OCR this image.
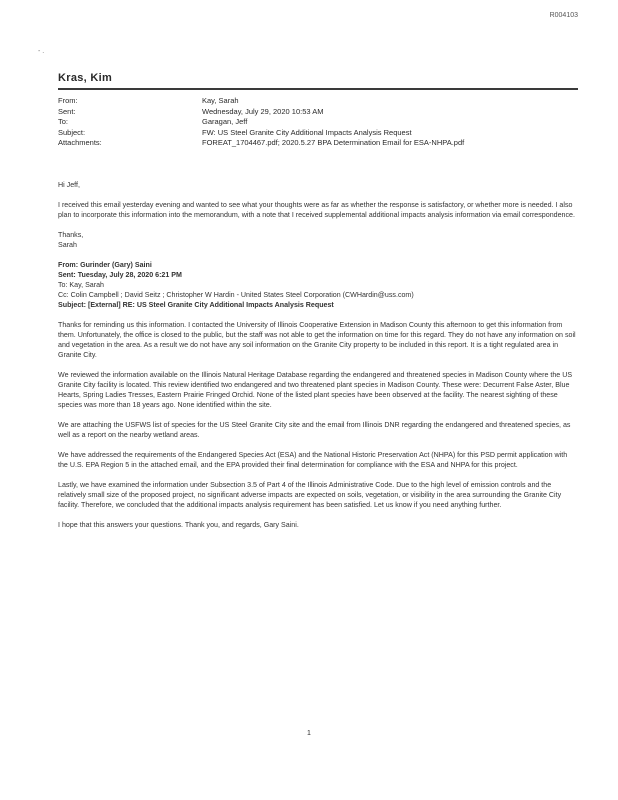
R004103
- .
Kras, Kim
From:	Kay, Sarah
Sent:	Wednesday, July 29, 2020 10:53 AM
To:	Garagan, Jeff
Subject:	FW: US Steel Granite City Additional Impacts Analysis Request
Attachments:	FOREAT_1704467.pdf; 2020.5.27 BPA Determination Email for ESA-NHPA.pdf

Hi Jeff,

I received this email yesterday evening and wanted to see what your thoughts were as far as whether the response is satisfactory, or whether more is needed. I also plan to incorporate this information into the memorandum, with a note that I received supplemental additional impacts analysis information via email correspondence.

Thanks,
Sarah
From: Gurinder (Gary) Saini
Sent: Tuesday, July 28, 2020 6:21 PM
To: Kay, Sarah
Cc: Colin Campbell ; David Seitz ; Christopher W Hardin - United States Steel Corporation (CWHardin@uss.com)
Subject: [External] RE: US Steel Granite City Additional Impacts Analysis Request

Thanks for reminding us this information. I contacted the University of Illinois Cooperative Extension in Madison County this afternoon to get this information from them. Unfortunately, the office is closed to the public, but the staff was not able to get the information on time for this regard. They do not have any information on soil and vegetation in the area. As a result we do not have any soil information on the Granite City property to be included in this report. It is a tight regulated area in Granite City.

We reviewed the information available on the Illinois Natural Heritage Database regarding the endangered and threatened species in Madison County where the US Granite City facility is located. This review identified two endangered and two threatened plant species in Madison County. These were: Decurrent False Aster, Blue Hearts, Spring Ladies Tresses, Eastern Prairie Fringed Orchid. None of the listed plant species have been observed at the facility. The nearest sighting of these species was more than 18 years ago. None identified within the site.

We are attaching the USFWS list of species for the US Steel Granite City site and the email from Illinois DNR regarding the endangered and threatened species, as well as a report on the nearby wetland areas.

We have addressed the requirements of the Endangered Species Act (ESA) and the National Historic Preservation Act (NHPA) for this PSD permit application with the U.S. EPA Region 5 in the attached email, and the EPA provided their final determination for compliance with the ESA and NHPA for this project.

Lastly, we have examined the information under Subsection 3.5 of Part 4 of the Illinois Administrative Code. Due to the high level of emission controls and the relatively small size of the proposed project, no significant adverse impacts are expected on soils, vegetation, or visibility in the area surrounding the Granite City facility. Therefore, we concluded that the additional impacts analysis requirement has been satisfied. Let us know if you need anything further.

I hope that this answers your questions. Thank you, and regards, Gary Saini.

1
